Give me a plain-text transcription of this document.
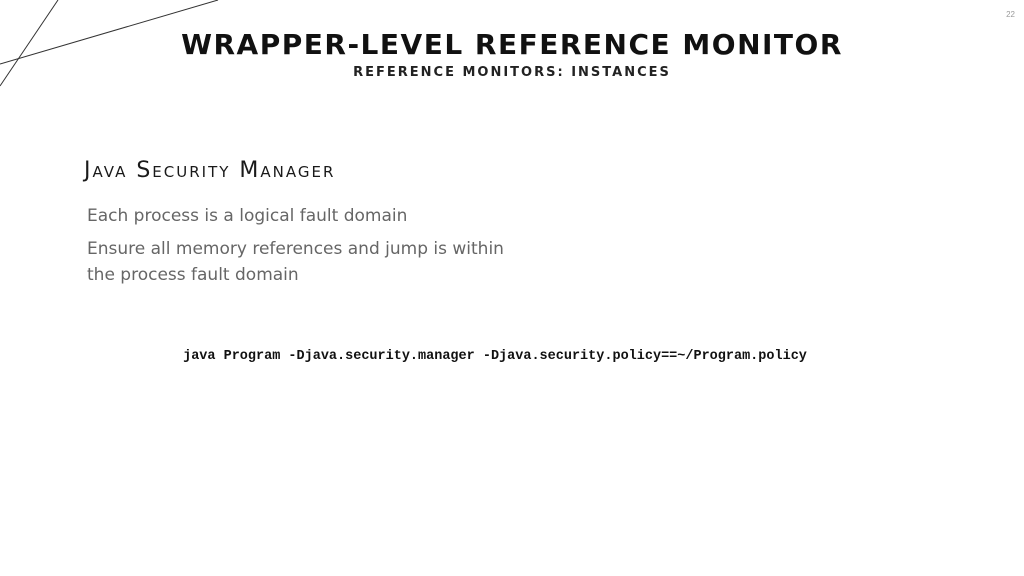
22
WRAPPER-LEVEL REFERENCE MONITOR
REFERENCE MONITORS: INSTANCES
Java Security Manager
Each process is a logical fault domain
Ensure all memory references and jump is within the process fault domain
java Program -Djava.security.manager -Djava.security.policy==~/Program.policy
